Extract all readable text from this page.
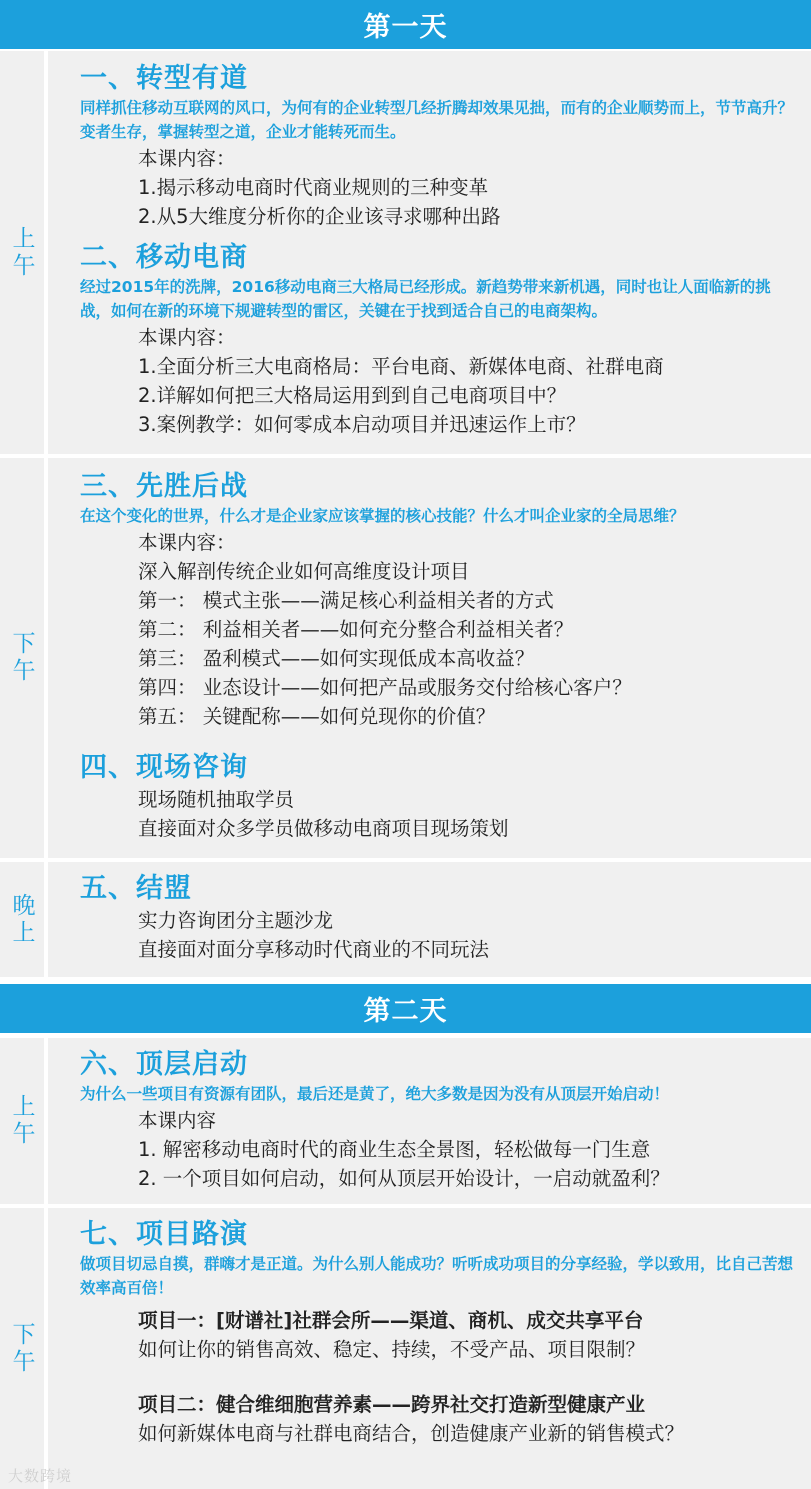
第一天
上午
一、转型有道
同样抓住移动互联网的风口，为何有的企业转型几经折腾却效果见拙，而有的企业顺势而上，节节高升？变者生存，掌握转型之道，企业才能转死而生。
本课内容：
1.揭示移动电商时代商业规则的三种变革
2.从5大维度分析你的企业该寻求哪种出路
二、移动电商
经过2015年的洗牌，2016移动电商三大格局已经形成。新趋势带来新机遇，同时也让人面临新的挑战，如何在新的环境下规避转型的雷区，关键在于找到适合自己的电商架构。
本课内容：
1.全面分析三大电商格局：平台电商、新媒体电商、社群电商
2.详解如何把三大格局运用到到自己电商项目中？
3.案例教学：如何零成本启动项目并迅速运作上市？
下午
三、先胜后战
在这个变化的世界，什么才是企业家应该掌握的核心技能？什么才叫企业家的全局思维？
本课内容：
深入解剖传统企业如何高维度设计项目
第一： 模式主张——满足核心利益相关者的方式
第二： 利益相关者——如何充分整合利益相关者？
第三： 盈利模式——如何实现低成本高收益？
第四： 业态设计——如何把产品或服务交付给核心客户？
第五： 关键配称——如何兑现你的价值？
四、现场咨询
现场随机抽取学员
直接面对众多学员做移动电商项目现场策划
晚上
五、结盟
实力咨询团分主题沙龙
直接面对面分享移动时代商业的不同玩法
第二天
上午
六、顶层启动
为什么一些项目有资源有团队，最后还是黄了，绝大多数是因为没有从顶层开始启动！
本课内容
1. 解密移动电商时代的商业生态全景图，轻松做每一门生意
2. 一个项目如何启动，如何从顶层开始设计，一启动就盈利？
下午
七、项目路演
做项目切忌自摸，群嗨才是正道。为什么别人能成功？听听成功项目的分享经验，学以致用，比自己苦想效率高百倍！
项目一：[财谱社]社群会所——渠道、商机、成交共享平台
如何让你的销售高效、稳定、持续，不受产品、项目限制？
项目二：健合维细胞营养素——跨界社交打造新型健康产业
如何新媒体电商与社群电商结合，创造健康产业新的销售模式？
大数跨境
